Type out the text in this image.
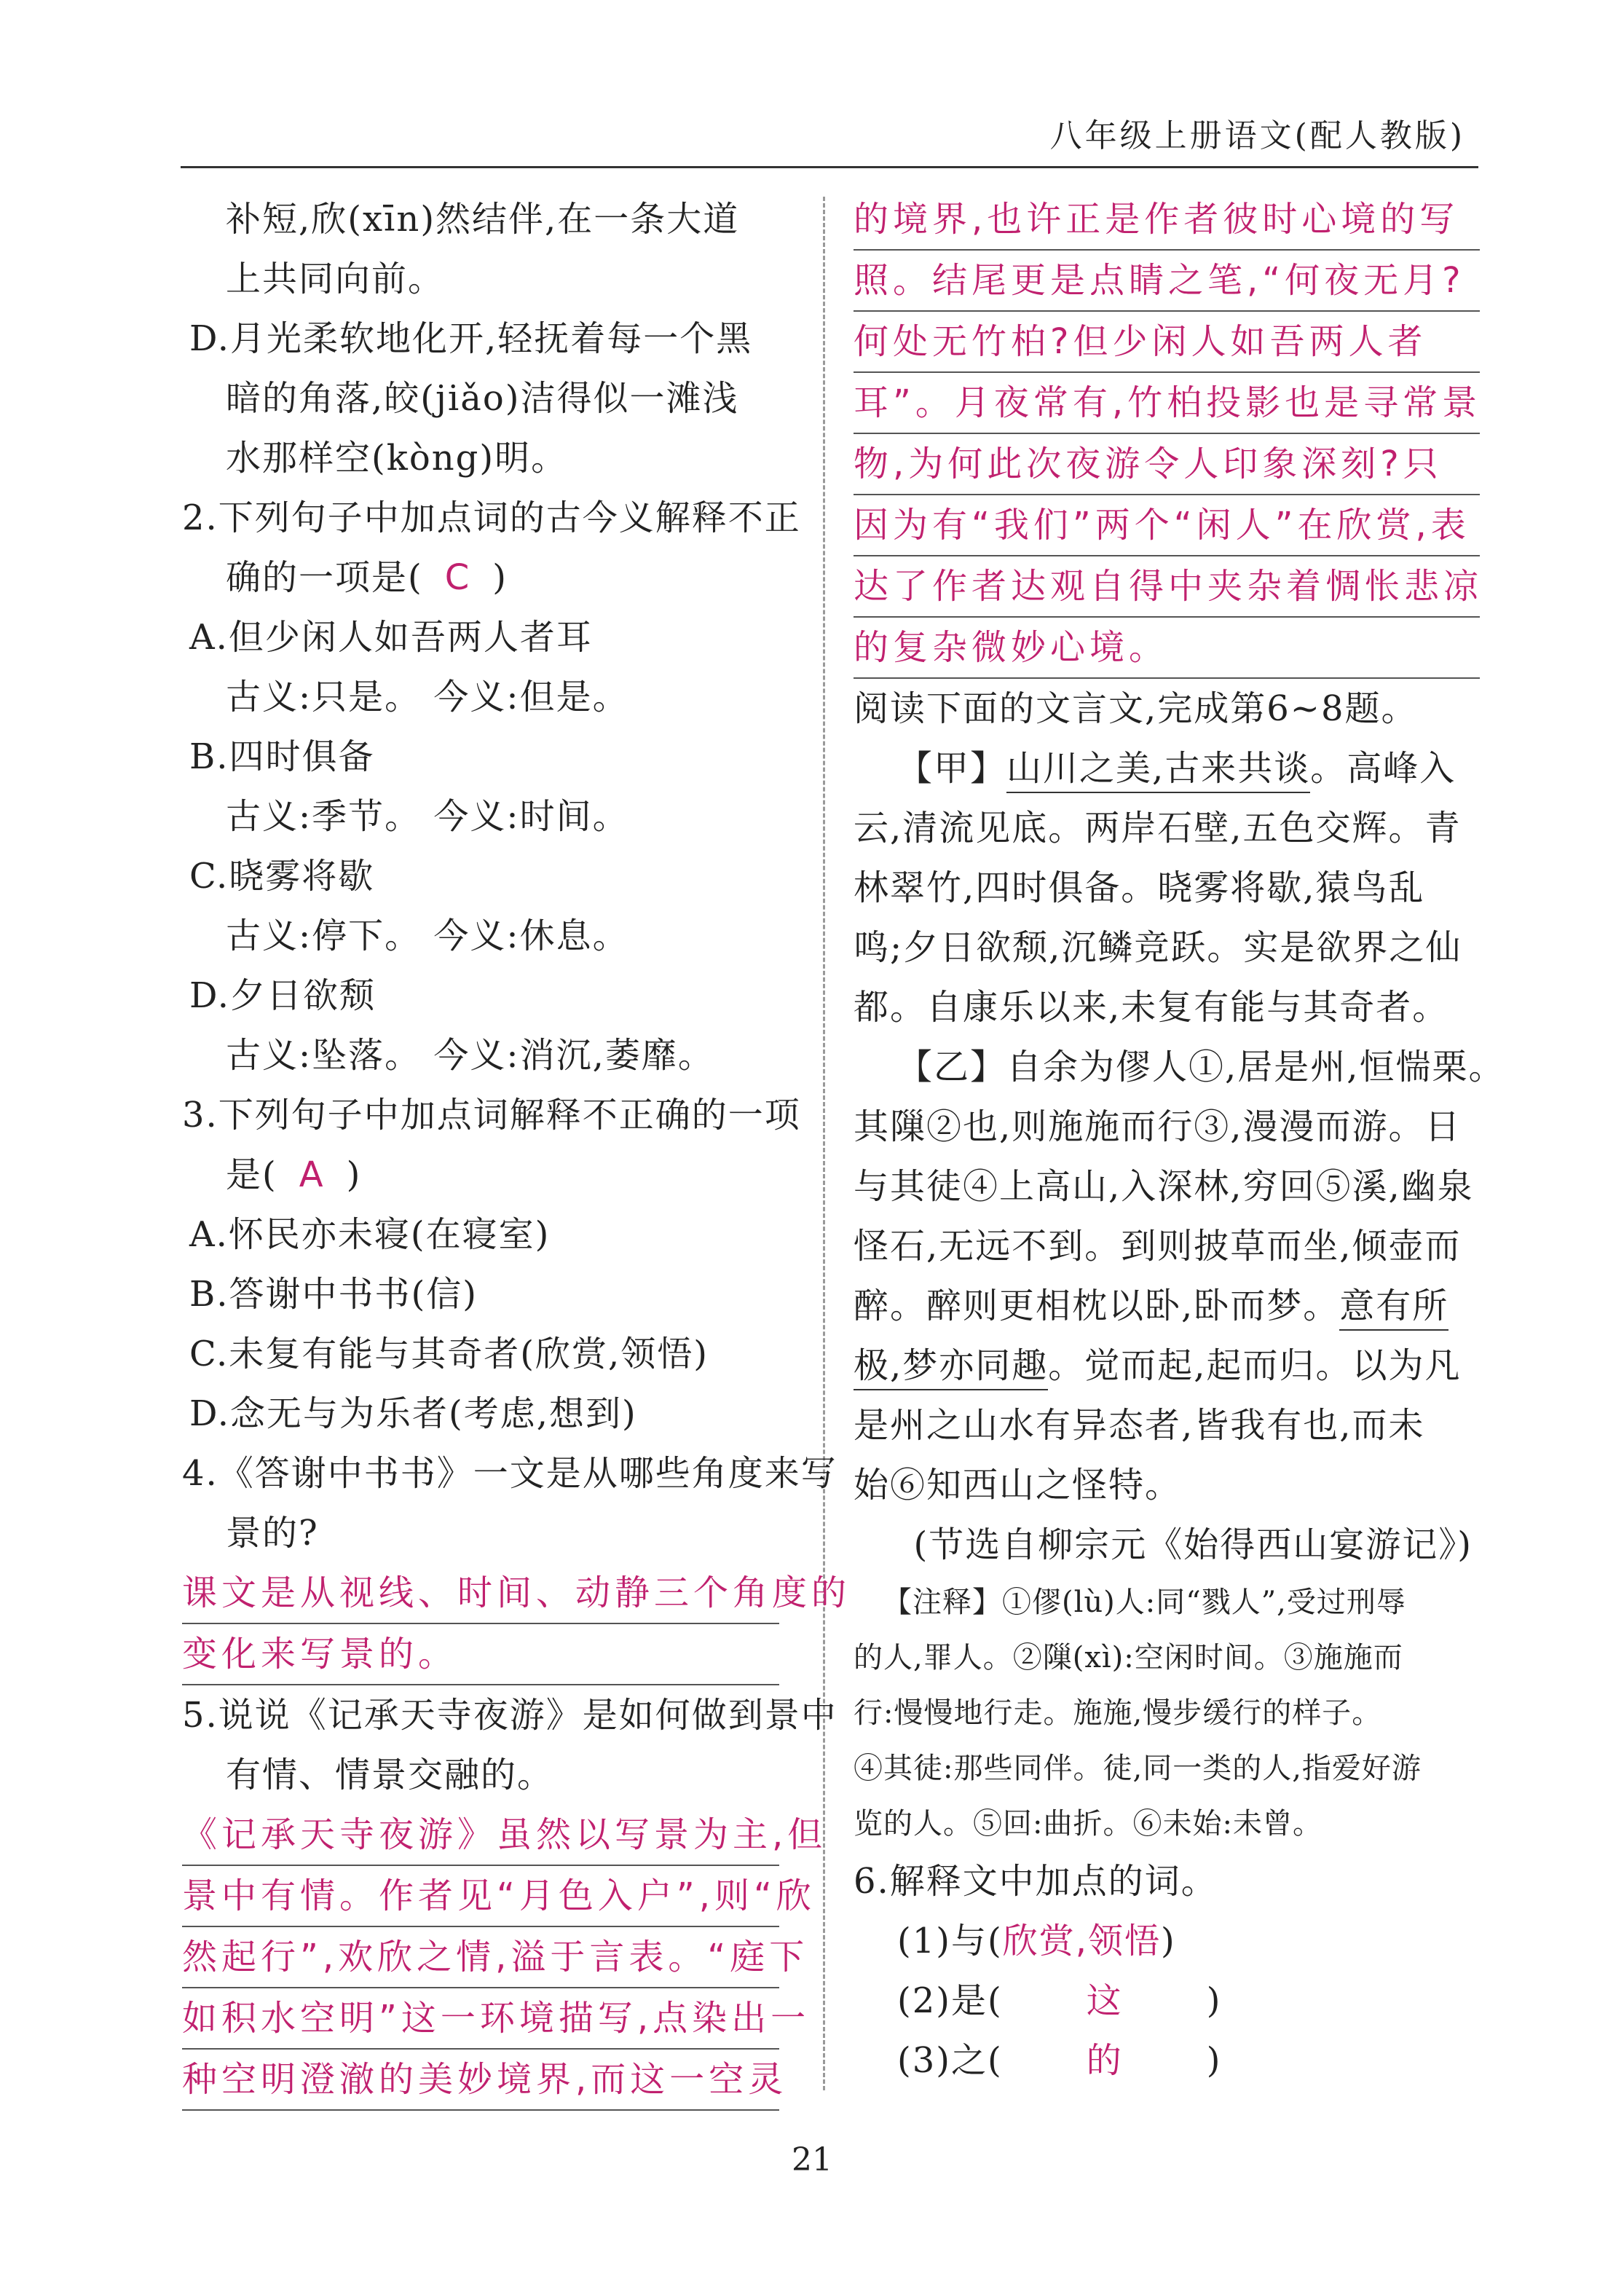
八年级上册语文(配人教版)
补短,欣(xīn)然结伴,在一条大道
上共同向前。
D.月光柔软地化开,轻抚着每一个黑
暗的角落,皎(jiǎo)洁得似一滩浅
水那样空(kòng)明。
2.下列句子中加点词的古今义解释不正
确的一项是( C )
A.但少闲人如吾两人者耳
古义:只是。 今义:但是。
B.四时俱备
古义:季节。 今义:时间。
C.晓雾将歇
古义:停下。 今义:休息。
D.夕日欲颓
古义:坠落。 今义:消沉,萎靡。
3.下列句子中加点词解释不正确的一项
是( A )
A.怀民亦未寝(在寝室)
B.答谢中书书(信)
C.未复有能与其奇者(欣赏,领悟)
D.念无与为乐者(考虑,想到)
4.《答谢中书书》一文是从哪些角度来写
景的?
课文是从视线、时间、动静三个角度的
变化来写景的。
5.说说《记承天寺夜游》是如何做到景中
有情、情景交融的。
《记承天寺夜游》虽然以写景为主,但
景中有情。作者见“月色入户”,则“欣
然起行”,欢欣之情,溢于言表。“庭下
如积水空明”这一环境描写,点染出一
种空明澄澈的美妙境界,而这一空灵
的境界,也许正是作者彼时心境的写
照。结尾更是点睛之笔,“何夜无月?
何处无竹柏?但少闲人如吾两人者
耳”。月夜常有,竹柏投影也是寻常景
物,为何此次夜游令人印象深刻?只
因为有“我们”两个“闲人”在欣赏,表
达了作者达观自得中夹杂着惆怅悲凉
的复杂微妙心境。
阅读下面的文言文,完成第6~8题。
【甲】山川之美,古来共谈。高峰入
云,清流见底。两岸石壁,五色交辉。青
林翠竹,四时俱备。晓雾将歇,猿鸟乱
鸣;夕日欲颓,沉鳞竞跃。实是欲界之仙
都。自康乐以来,未复有能与其奇者。
【乙】自余为僇人①,居是州,恒惴栗。
其隟②也,则施施而行③,漫漫而游。日
与其徒④上高山,入深林,穷回⑤溪,幽泉
怪石,无远不到。到则披草而坐,倾壶而
醉。醉则更相枕以卧,卧而梦。意有所
极,梦亦同趣。觉而起,起而归。以为凡
是州之山水有异态者,皆我有也,而未
始⑥知西山之怪特。
(节选自柳宗元《始得西山宴游记》)
【注释】①僇(lù)人:同“戮人”,受过刑辱
的人,罪人。②隟(xì):空闲时间。③施施而
行:慢慢地行走。施施,慢步缓行的样子。
④其徒:那些同伴。徒,同一类的人,指爱好游
览的人。⑤回:曲折。⑥未始:未曾。
6.解释文中加点的词。
(1)与(欣赏,领悟)
(2)是( 这 )
(3)之( 的 )
21
